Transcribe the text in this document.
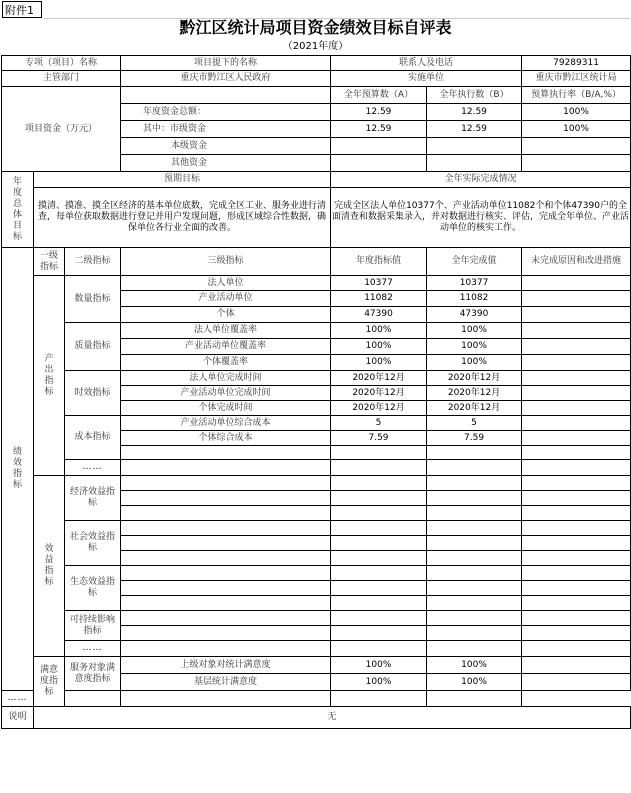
附件1
黔江区统计局项目资金绩效目标自评表
（2021年度）
专项（项目）名称			项目提下的名称	联系人及电话		79289311
主管部门			重庆市黔江区人民政府	实施单位		重庆市黔江区统计局
项目资金（万元）				全年预算数（A）	全年执行数（B）	预算执行率（B/A,%）
			年度资金总额：	12.59	12.59	100%
			其中：市级资金	12.59	12.59	100%
			本级资金			
			其他资金			

年度总体目标	预期目标			全年实际完成情况		
	摸清、摸准、摸全区经济的基本单位底数，完成全区工业、服务业进行清查，每单位获取数据进行登记并用户发现问题，形成区域综合性数据，确保单位各行业全面的改善。			完成全区法人单位10377个、产业活动单位11082个和个体47390户的全面清查和数据采集录入，并对数据进行核实、评估，完成全年单位、产业活动单位的核实工作。		

绩效指标	一级指标	二级指标	三级指标	年度指标值	全年完成值	未完成原因和改进措施

	产出指标	数量指标	法人单位	10377	10377	
			产业活动单位	11082	11082	
			个体	47390	47390	
		质量指标	法人单位覆盖率	100%	100%	
			产业活动单位覆盖率	100%	100%	
			个体覆盖率	100%	100%	
		时效指标	法人单位完成时间	2020年12月	2020年12月	
			产业活动单位完成时间	2020年12月	2020年12月	
			个体完成时间	2020年12月	2020年12月	
		成本指标	产业活动单位综合成本	5	5	
			个体综合成本	7.59	7.59	

		……				

	效益指标	经济效益指标				

		社会效益指标				

		生态效益指标				

		可持续影响指标				

		……				

	满意度指标	服务对象满意度指标	上级对象对统计满意度	100%	100%	
			基层统计满意度	100%	100%	
……						
说明	无					
